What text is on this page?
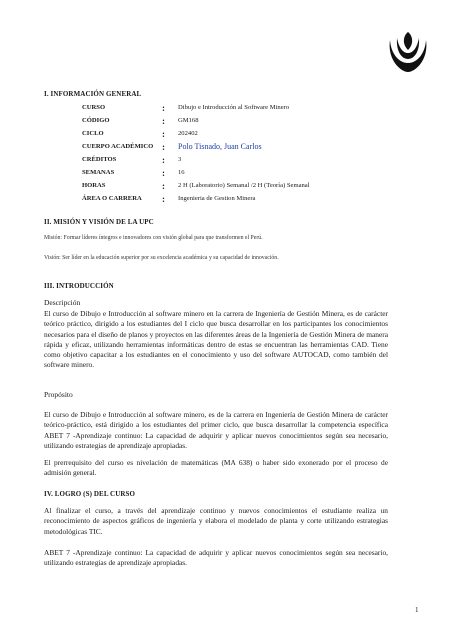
I. INFORMACIÓN GENERAL
CURSO	: Dibujo e Introducción al Software Minero
CÓDIGO	: GM168
CICLO	: 202402
CUERPO ACADÉMICO : Polo Tisnado, Juan Carlos
CRÉDITOS	: 3
SEMANAS	: 16
HORAS	: 2 H (Laboratorio) Semanal /2 H (Teoría) Semanal
ÁREA O CARRERA : Ingenieria de Gestion Minera
II. MISIÓN Y VISIÓN DE LA UPC
Misión: Formar líderes íntegros e innovadores con visión global para que transformen el Perú.
Visión: Ser líder en la educación superior por su excelencia académica y su capacidad de innovación.
III. INTRODUCCIÓN
Descripción
El curso de Dibujo e Introducción al software minero en la carrera de Ingeniería de Gestión Minera, es de carácter teórico práctico, dirigido a los estudiantes del I ciclo que busca desarrollar en los participantes los conocimientos necesarios para el diseño de planos y proyectos en las diferentes áreas de la Ingeniería de Gestión Minera de manera rápida y eficaz, utilizando herramientas informáticas dentro de estas se encuentran las herramientas CAD. Tiene como objetivo capacitar a los estudiantes en el conocimiento y uso del software AUTOCAD, como también del software minero.
Propósito
El curso de Dibujo e Introducción al software minero, es de la carrera en Ingeniería de Gestión Minera de carácter teórico-práctico, está dirigido a los estudiantes del primer ciclo, que busca desarrollar la competencia específica ABET 7 -Aprendizaje continuo: La capacidad de adquirir y aplicar nuevos conocimientos según sea necesario, utilizando estrategias de aprendizaje apropiadas.
El prerrequisito del curso es nivelación de matemáticas (MA 638) o haber sido exonerado por el proceso de admisión general.
IV. LOGRO (S) DEL CURSO
Al finalizar el curso, a través del aprendizaje continuo y nuevos conocimientos el estudiante realiza un reconocimiento de aspectos gráficos de ingeniería y elabora el modelado de planta y corte utilizando estrategias metodológicas TIC.
ABET 7 -Aprendizaje continuo: La capacidad de adquirir y aplicar nuevos conocimientos según sea necesario, utilizando estrategias de aprendizaje apropiadas.
1
